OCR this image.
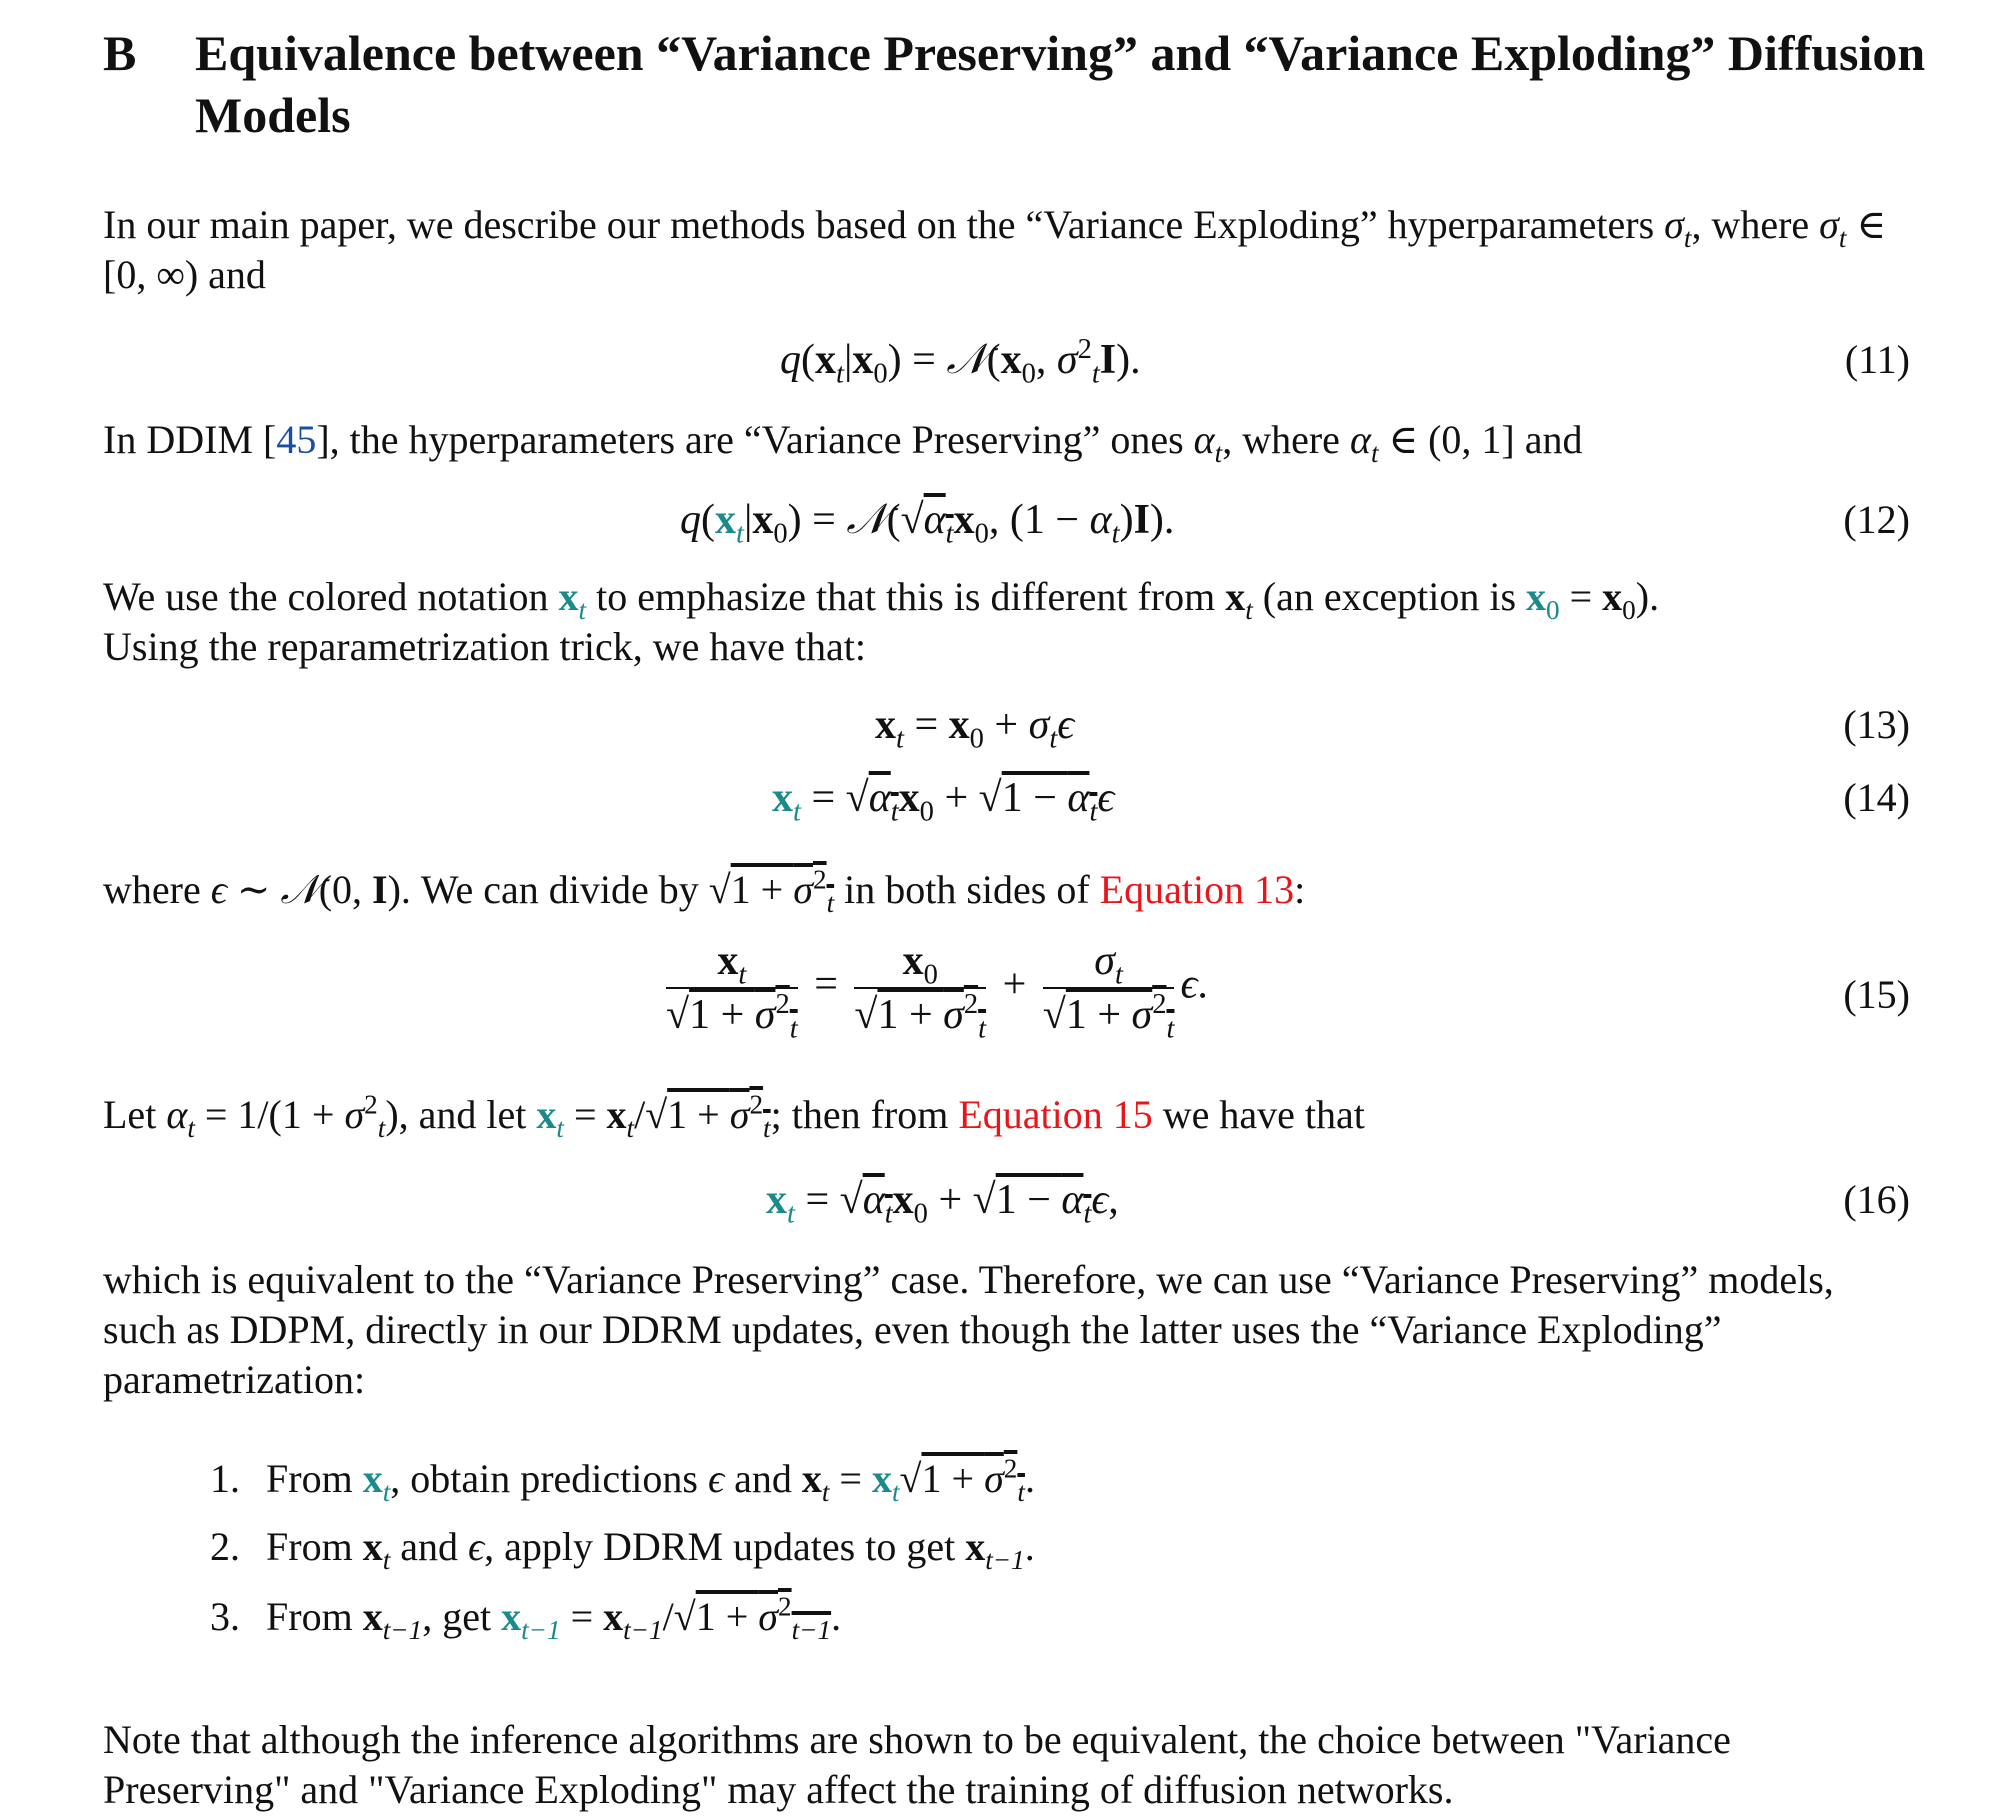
B Equivalence between “Variance Preserving” and “Variance Exploding” Diffusion Models
In our main paper, we describe our methods based on the “Variance Exploding” hyperparameters $\sigma_t$, where $\sigma_t$ ∈ [0, ∞) and
$q(x_t|x_0)$ = $𝒩(x_0$, $\sigma^2_tI$).	(11)
In DDIM [45], the hyperparameters are “Variance Preserving” ones $\alpha_t$, where $\alpha_t$ ∈ (0, 1] and
$q(x_t|x_0)$ = $𝒩(√\alpha_tx_0$, $(1 - \alpha_t)I$).	(12)
We use the colored notation $x_t$ to emphasize that this is different from $x_t$ (an exception is $x_0 = x_0$).
Using the reparametrization trick, we have that:
$x_t = x_0 + \sigma_t\epsilon$	(13)
$x_t = √\alpha_tx_0 + √1 - \alpha_t\epsilon$	(14)
where ϵ ∼ 𝒩(0, I). We can divide by $√1 + \sigma^2_t$ in both sides of Equation 13:
$\frac{x_t}{√1 + \sigma^2_t} = \frac{x_0}{√1 + \sigma^2_t} + \frac{\sigma_t}{√1 + \sigma^2_t} \epsilon$.	(15)
Let $\alpha_t = 1/(1 + \sigma^2_t)$, and let $x_t = x_t/√1 + \sigma^2_t$; then from Equation 15 we have that
$x_t = √\alpha_tx_0 + √1 - \alpha_t\epsilon$,	(16)
which is equivalent to the “Variance Preserving” case. Therefore, we can use “Variance Preserving” models, such as DDPM, directly in our DDRM updates, even though the latter uses the “Variance Exploding” parametrization:
1. From $x_t$, obtain predictions ϵ and $x_t = x_t√1 + \sigma^2_t$.
2. From $x_t$ and ϵ, apply DDRM updates to get $x_{t-1}$.
3. From $x_{t-1}$, get $x_{t-1} = x_{t-1}/√1 + \sigma^2_{t-1}$.
Note that although the inference algorithms are shown to be equivalent, the choice between "Variance Preserving" and "Variance Exploding" may affect the training of diffusion networks.
